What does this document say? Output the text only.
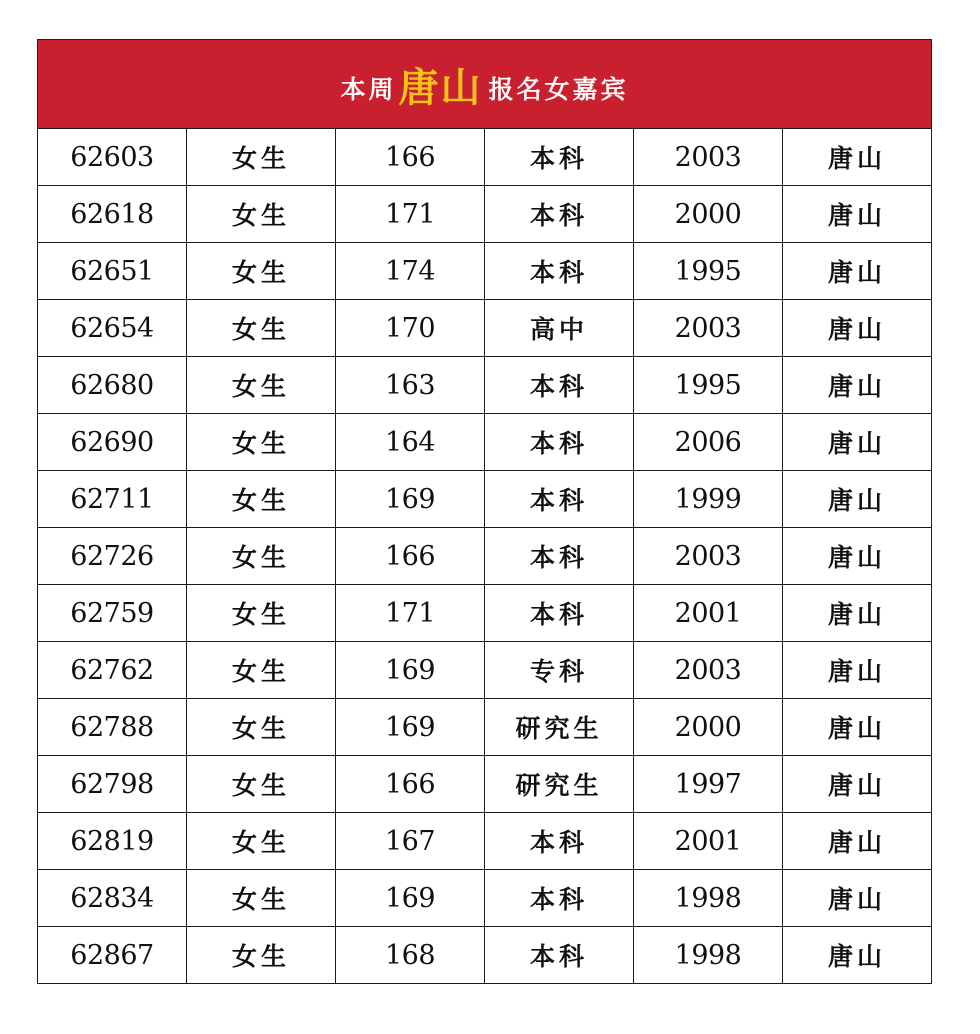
本周 唐山 报名女嘉宾
62603	女生	166	本科	2003	唐山
62618	女生	171	本科	2000	唐山
62651	女生	174	本科	1995	唐山
62654	女生	170	高中	2003	唐山
62680	女生	163	本科	1995	唐山
62690	女生	164	本科	2006	唐山
62711	女生	169	本科	1999	唐山
62726	女生	166	本科	2003	唐山
62759	女生	171	本科	2001	唐山
62762	女生	169	专科	2003	唐山
62788	女生	169	研究生	2000	唐山
62798	女生	166	研究生	1997	唐山
62819	女生	167	本科	2001	唐山
62834	女生	169	本科	1998	唐山
62867	女生	168	本科	1998	唐山
